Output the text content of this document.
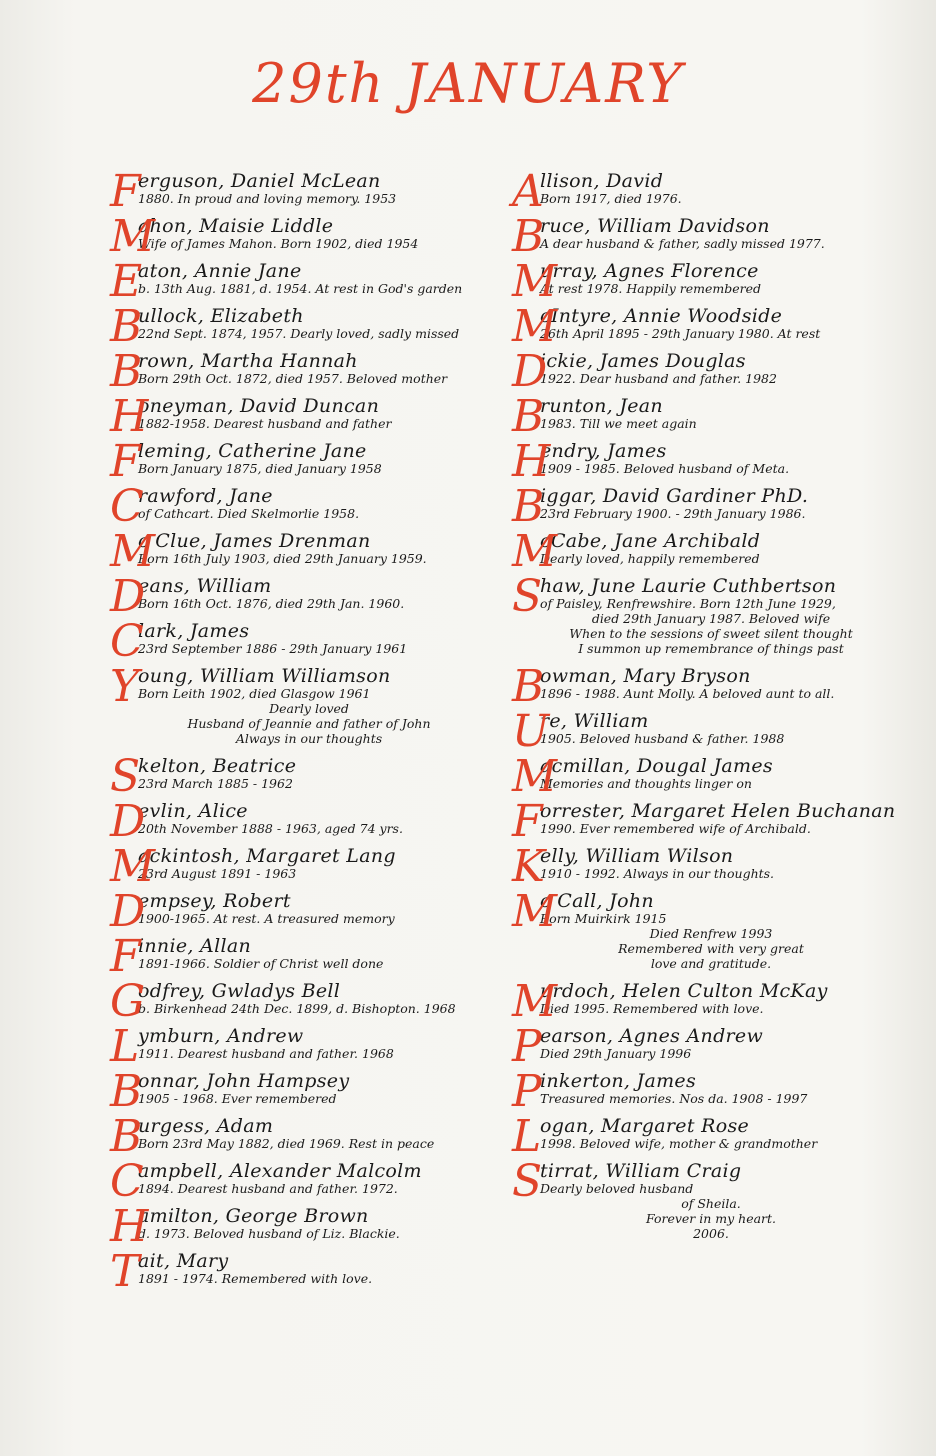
29th JANUARY
F
erguson, Daniel McLean
1880. In proud and loving memory. 1953
M
ahon, Maisie Liddle
Wife of James Mahon. Born 1902, died 1954
E
aton, Annie Jane
b. 13th Aug. 1881, d. 1954. At rest in God's garden
B
ullock, Elizabeth
22nd Sept. 1874, 1957. Dearly loved, sadly missed
B
rown, Martha Hannah
Born 29th Oct. 1872, died 1957. Beloved mother
H
oneyman, David Duncan
1882-1958. Dearest husband and father
F
leming, Catherine Jane
Born January 1875, died January 1958
C
rawford, Jane
of Cathcart. Died Skelmorlie 1958.
M
c Clue, James Drenman
Born 16th July 1903, died 29th January 1959.
D
eans, William
Born 16th Oct. 1876, died 29th Jan. 1960.
C
lark, James
23rd September 1886 - 29th January 1961
Y
oung, William Williamson
Born Leith 1902, died Glasgow 1961
Dearly loved
Husband of Jeannie and father of John
Always in our thoughts
S
kelton, Beatrice
23rd March 1885 - 1962
D
evlin, Alice
20th November 1888 - 1963, aged 74 yrs.
M
ackintosh, Margaret Lang
23rd August 1891 - 1963
D
empsey, Robert
1900-1965. At rest. A treasured memory
F
innie, Allan
1891-1966. Soldier of Christ well done
G
odfrey, Gwladys Bell
b. Birkenhead 24th Dec. 1899, d. Bishopton. 1968
L
ymburn, Andrew
1911. Dearest husband and father. 1968
B
onnar, John Hampsey
1905 - 1968. Ever remembered
B
urgess, Adam
Born 23rd May 1882, died 1969. Rest in peace
C
ampbell, Alexander Malcolm
1894. Dearest husband and father. 1972.
H
amilton, George Brown
d. 1973. Beloved husband of Liz. Blackie.
T
ait, Mary
1891 - 1974. Remembered with love.
A
llison, David
Born 1917, died 1976.
B
ruce, William Davidson
A dear husband & father, sadly missed 1977.
M
urray, Agnes Florence
At rest 1978. Happily remembered
M
cIntyre, Annie Woodside
26th April 1895 - 29th January 1980. At rest
D
ickie, James Douglas
1922. Dear husband and father. 1982
B
runton, Jean
1983. Till we meet again
H
endry, James
1909 - 1985. Beloved husband of Meta.
B
iggar, David Gardiner PhD.
23rd February 1900. - 29th January 1986.
M
cCabe, Jane Archibald
Dearly loved, happily remembered
S
haw, June Laurie Cuthbertson
of Paisley, Renfrewshire. Born 12th June 1929,
died 29th January 1987. Beloved wife
When to the sessions of sweet silent thought
I summon up remembrance of things past
B
owman, Mary Bryson
1896 - 1988. Aunt Molly. A beloved aunt to all.
U
re, William
1905. Beloved husband & father. 1988
M
acmillan, Dougal James
Memories and thoughts linger on
F
orrester, Margaret Helen Buchanan
1990. Ever remembered wife of Archibald.
K
elly, William Wilson
1910 - 1992. Always in our thoughts.
M
c Call, John
Born Muirkirk 1915
Died Renfrew 1993
Remembered with very great
love and gratitude.
M
urdoch, Helen Culton McKay
Died 1995. Remembered with love.
P
earson, Agnes Andrew
Died 29th January 1996
P
inkerton, James
Treasured memories. Nos da. 1908 - 1997
L
ogan, Margaret Rose
1998. Beloved wife, mother & grandmother
S
tirrat, William Craig
Dearly beloved husband
of Sheila.
Forever in my heart.
2006.
